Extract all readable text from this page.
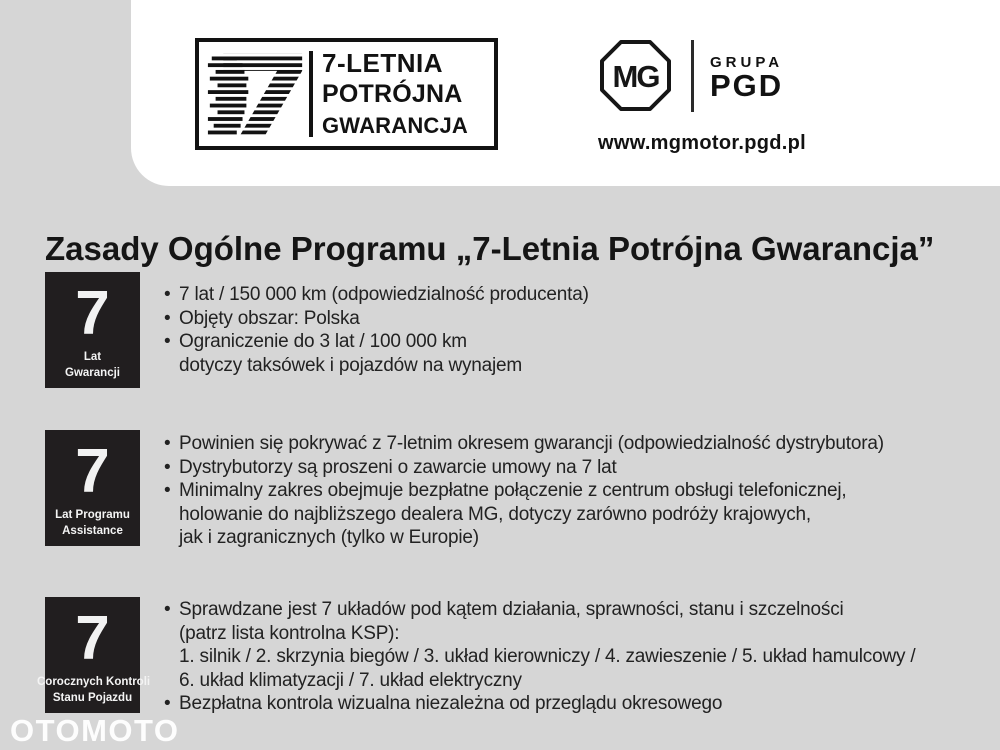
7-LETNIA
POTRÓJNA
GWARANCJA
MG	GRUPA
PGD
www.mgmotor.pgd.pl
Zasady Ogólne Programu „7-Letnia Potrójna Gwarancja”
7
Lat
Gwarancji
• 7 lat / 150 000 km (odpowiedzialność producenta)
• Objęty obszar: Polska
• Ograniczenie do 3 lat / 100 000 km
dotyczy taksówek i pojazdów na wynajem
7
Lat Programu
Assistance
• Powinien się pokrywać z 7-letnim okresem gwarancji (odpowiedzialność dystrybutora)
• Dystrybutorzy są proszeni o zawarcie umowy na 7 lat
• Minimalny zakres obejmuje bezpłatne połączenie z centrum obsługi telefonicznej,
holowanie do najbliższego dealera MG, dotyczy zarówno podróży krajowych,
jak i zagranicznych (tylko w Europie)
7
Corocznych Kontroli
Stanu Pojazdu
• Sprawdzane jest 7 układów pod kątem działania, sprawności, stanu i szczelności
(patrz lista kontrolna KSP):
1. silnik / 2. skrzynia biegów / 3. układ kierowniczy / 4. zawieszenie / 5. układ hamulcowy /
6. układ klimatyzacji / 7. układ elektryczny
• Bezpłatna kontrola wizualna niezależna od przeglądu okresowego
OTOMOTO
